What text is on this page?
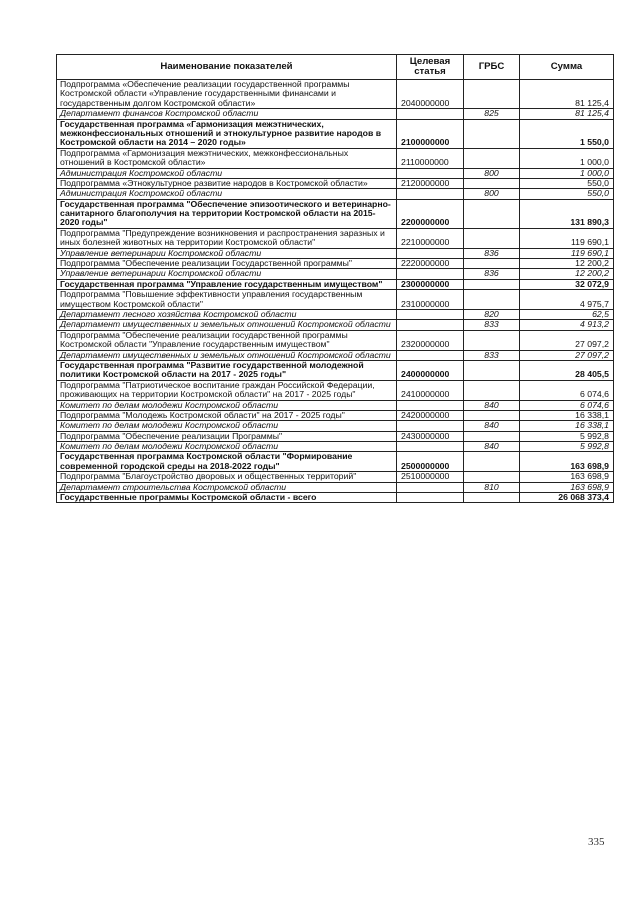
Наименование показателей	Целевая статья	ГРБС	Сумма
Подпрограмма «Обеспечение реализации государственной программы Костромской области «Управление государственными финансами и государственным долгом Костромской области»	2040000000		81 125,4
Департамент финансов Костромской области		825	81 125,4
Государственная программа «Гармонизация межэтнических, межконфессиональных отношений и этнокультурное развитие народов в Костромской области на 2014 – 2020 годы»	2100000000		1 550,0
Подпрограмма «Гармонизация межэтнических, межконфессиональных отношений в Костромской области»	2110000000		1 000,0
Администрация Костромской области		800	1 000,0
Подпрограмма «Этнокультурное развитие народов в Костромской области»	2120000000		550,0
Администрация Костромской области		800	550,0
Государственная программа "Обеспечение эпизоотического и ветеринарно-санитарного благополучия на территории Костромской области на 2015-2020 годы"	2200000000		131 890,3
Подпрограмма "Предупреждение возникновения и распространения заразных и иных болезней животных на территории Костромской области"	2210000000		119 690,1
Управление ветеринарии Костромской области		836	119 690,1
Подпрограмма "Обеспечение реализации Государственной программы"	2220000000		12 200,2
Управление ветеринарии Костромской области		836	12 200,2
Государственная программа "Управление государственным имуществом"	2300000000		32 072,9
Подпрограмма "Повышение эффективности управления государственным имуществом Костромской области"	2310000000		4 975,7
Департамент лесного хозяйства Костромской области		820	62,5
Департамент имущественных и земельных отношений Костромской области		833	4 913,2
Подпрограмма "Обеспечение реализации государственной программы Костромской области "Управление государственным имуществом"	2320000000		27 097,2
Департамент имущественных и земельных отношений Костромской области		833	27 097,2
Государственная программа "Развитие государственной молодежной политики Костромской области на 2017 - 2025 годы"	2400000000		28 405,5
Подпрограмма "Патриотическое воспитание граждан Российской Федерации, проживающих на территории Костромской области" на 2017 - 2025 годы"	2410000000		6 074,6
Комитет по делам молодежи Костромской области		840	6 074,6
Подпрограмма "Молодежь Костромской области" на 2017 - 2025 годы"	2420000000		16 338,1
Комитет по делам молодежи Костромской области		840	16 338,1
Подпрограмма "Обеспечение реализации Программы"	2430000000		5 992,8
Комитет по делам молодежи Костромской области		840	5 992,8
Государственная программа Костромской области "Формирование современной городской среды на 2018-2022 годы"	2500000000		163 698,9
Подпрограмма "Благоустройство дворовых и общественных территорий"	2510000000		163 698,9
Департамент строительства Костромской области		810	163 698,9
Государственные программы Костромской области - всего			26 068 373,4
335
